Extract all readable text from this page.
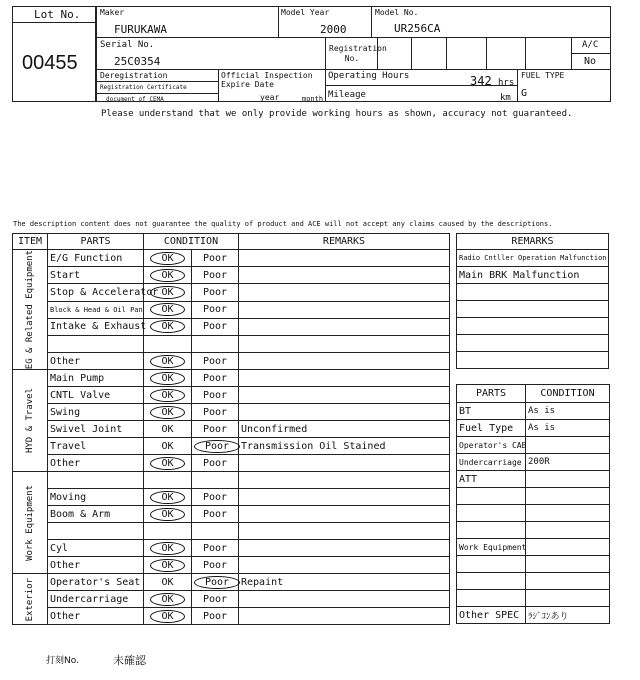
Lot No.
00455
Maker
FURUKAWA
Model Year
2000
Model No.
UR256CA
Serial No.
25C0354
Registration No.
A/C
No
Deregistration
Registration Certificate
document of CEMA
Official Inspection Expire Date
year	month
Operating Hours	342 hrs
Mileage	km
FUEL TYPE
G
Please understand that we only provide working hours as shown, accuracy not guaranteed.
The description content does not guarantee the quality of product and ACE will not accept any claims caused by the descriptions.
ITEM	PARTS	CONDITION		REMARKS

EG & Related Equipment	E/G Function	OK	Poor	
	Start	OK	Poor	
	Stop & Accelerator	OK	Poor	
	Block & Head & Oil Pan	OK	Poor	
	Intake & Exhaust	OK	Poor	

	Other	OK	Poor	

HYD & Travel	Main Pump	OK	Poor	
	CNTL Valve	OK	Poor	
	Swing	OK	Poor	
	Swivel Joint	OK	Poor	Unconfirmed
	Travel	OK	Poor	Transmission Oil Stained
	Other	OK	Poor	

Work Equipment				

	Moving	OK	Poor	
	Boom & Arm	OK	Poor	

	Cyl	OK	Poor	
	Other	OK	Poor	

Exterior	Operator's Seat	OK	Poor	Repaint
	Undercarriage	OK	Poor	
	Other	OK	Poor	
REMARKS
Radio Cntller Operation Malfunction
Main BRK Malfunction

PARTS	CONDITION
BT	As is
Fuel Type	As is
Operator's CAB	
Undercarriage	200R
ATT	

Work Equipment	

Other SPEC	ﾗｼﾞｺﾝあり
打刻No.	未確認
